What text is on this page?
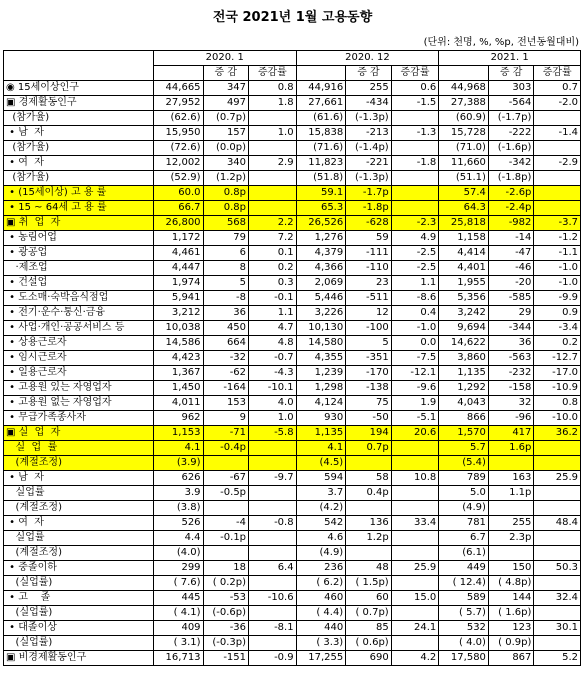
전국 2021년 1월 고용동향
(단위: 천명, %, %p, 전년동월대비)
	2020. 1			2020. 12			2021. 1		
		증 감	증감률		증 감	증감률		증 감	증감률
◉ 15세이상인구	44,665	347	0.8	44,916	255	0.6	44,968	303	0.7
▣ 경제활동인구	27,952	497	1.8	27,661	-434	-1.5	27,388	-564	-2.0
(참가율)	(62.6)	(0.7p)		(61.6)	(-1.3p)		(60.9)	(-1.7p)	
• 남  자	15,950	157	1.0	15,838	-213	-1.3	15,728	-222	-1.4
(참가율)	(72.6)	(0.0p)		(71.6)	(-1.4p)		(71.0)	(-1.6p)	
• 여  자	12,002	340	2.9	11,823	-221	-1.8	11,660	-342	-2.9
(참가율)	(52.9)	(1.2p)		(51.8)	(-1.3p)		(51.1)	(-1.8p)	
• (15세이상) 고 용 률	60.0	0.8p		59.1	-1.7p		57.4	-2.6p	
• 15 ~ 64세 고 용 률	66.7	0.8p		65.3	-1.8p		64.3	-2.4p	
▣ 취  업  자	26,800	568	2.2	26,526	-628	-2.3	25,818	-982	-3.7
• 농림어업	1,172	79	7.2	1,276	59	4.9	1,158	-14	-1.2
• 광공업	4,461	6	0.1	4,379	-111	-2.5	4,414	-47	-1.1
·제조업	4,447	8	0.2	4,366	-110	-2.5	4,401	-46	-1.0
• 건설업	1,974	5	0.3	2,069	23	1.1	1,955	-20	-1.0
• 도소매·숙박음식점업	5,941	-8	-0.1	5,446	-511	-8.6	5,356	-585	-9.9
• 전기·운수·통신·금융	3,212	36	1.1	3,226	12	0.4	3,242	29	0.9
• 사업·개인·공공서비스 등	10,038	450	4.7	10,130	-100	-1.0	9,694	-344	-3.4
• 상용근로자	14,586	664	4.8	14,580	5	0.0	14,622	36	0.2
• 임시근로자	4,423	-32	-0.7	4,355	-351	-7.5	3,860	-563	-12.7
• 일용근로자	1,367	-62	-4.3	1,239	-170	-12.1	1,135	-232	-17.0
• 고용원 있는 자영업자	1,450	-164	-10.1	1,298	-138	-9.6	1,292	-158	-10.9
• 고용원 없는 자영업자	4,011	153	4.0	4,124	75	1.9	4,043	32	0.8
• 무급가족종사자	962	9	1.0	930	-50	-5.1	866	-96	-10.0
▣ 실  업  자	1,153	-71	-5.8	1,135	194	20.6	1,570	417	36.2
실  업  률	4.1	-0.4p		4.1	0.7p		5.7	1.6p	
(계절조정)	(3.9)			(4.5)			(5.4)		
• 남  자	626	-67	-9.7	594	58	10.8	789	163	25.9
실업률	3.9	-0.5p		3.7	0.4p		5.0	1.1p	
(계절조정)	(3.8)			(4.2)			(4.9)		
• 여  자	526	-4	-0.8	542	136	33.4	781	255	48.4
실업률	4.4	-0.1p		4.6	1.2p		6.7	2.3p	
(계절조정)	(4.0)			(4.9)			(6.1)		
• 중졸이하	299	18	6.4	236	48	25.9	449	150	50.3
(실업률)	( 7.6)	( 0.2p)		( 6.2)	( 1.5p)		( 12.4)	( 4.8p)	
• 고    졸	445	-53	-10.6	460	60	15.0	589	144	32.4
(실업률)	( 4.1)	(-0.6p)		( 4.4)	( 0.7p)		( 5.7)	( 1.6p)	
• 대졸이상	409	-36	-8.1	440	85	24.1	532	123	30.1
(실업률)	( 3.1)	(-0.3p)		( 3.3)	( 0.6p)		( 4.0)	( 0.9p)	
▣ 비경제활동인구	16,713	-151	-0.9	17,255	690	4.2	17,580	867	5.2
